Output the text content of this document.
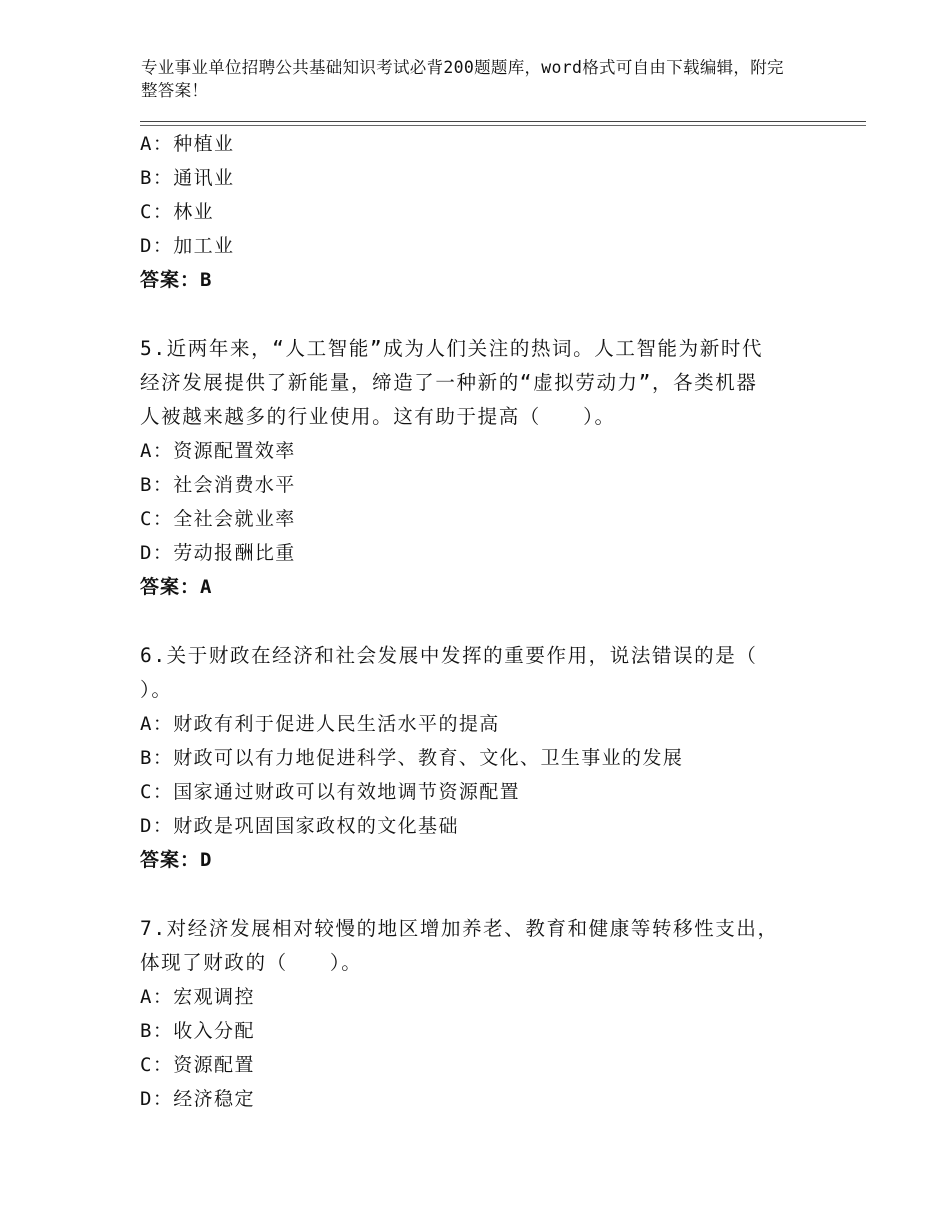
专业事业单位招聘公共基础知识考试必背200题题库，word格式可自由下载编辑，附完整答案！
A：种植业
B：通讯业
C：林业
D：加工业
答案：B
5.近两年来，“人工智能”成为人们关注的热词。人工智能为新时代
经济发展提供了新能量，缔造了一种新的“虚拟劳动力”，各类机器
人被越来越多的行业使用。这有助于提高（　　）。
A：资源配置效率
B：社会消费水平
C：全社会就业率
D：劳动报酬比重
答案：A
6.关于财政在经济和社会发展中发挥的重要作用，说法错误的是（
）。
A：财政有利于促进人民生活水平的提高
B：财政可以有力地促进科学、教育、文化、卫生事业的发展
C：国家通过财政可以有效地调节资源配置
D：财政是巩固国家政权的文化基础
答案：D
7.对经济发展相对较慢的地区增加养老、教育和健康等转移性支出，
体现了财政的（　　）。
A：宏观调控
B：收入分配
C：资源配置
D：经济稳定
